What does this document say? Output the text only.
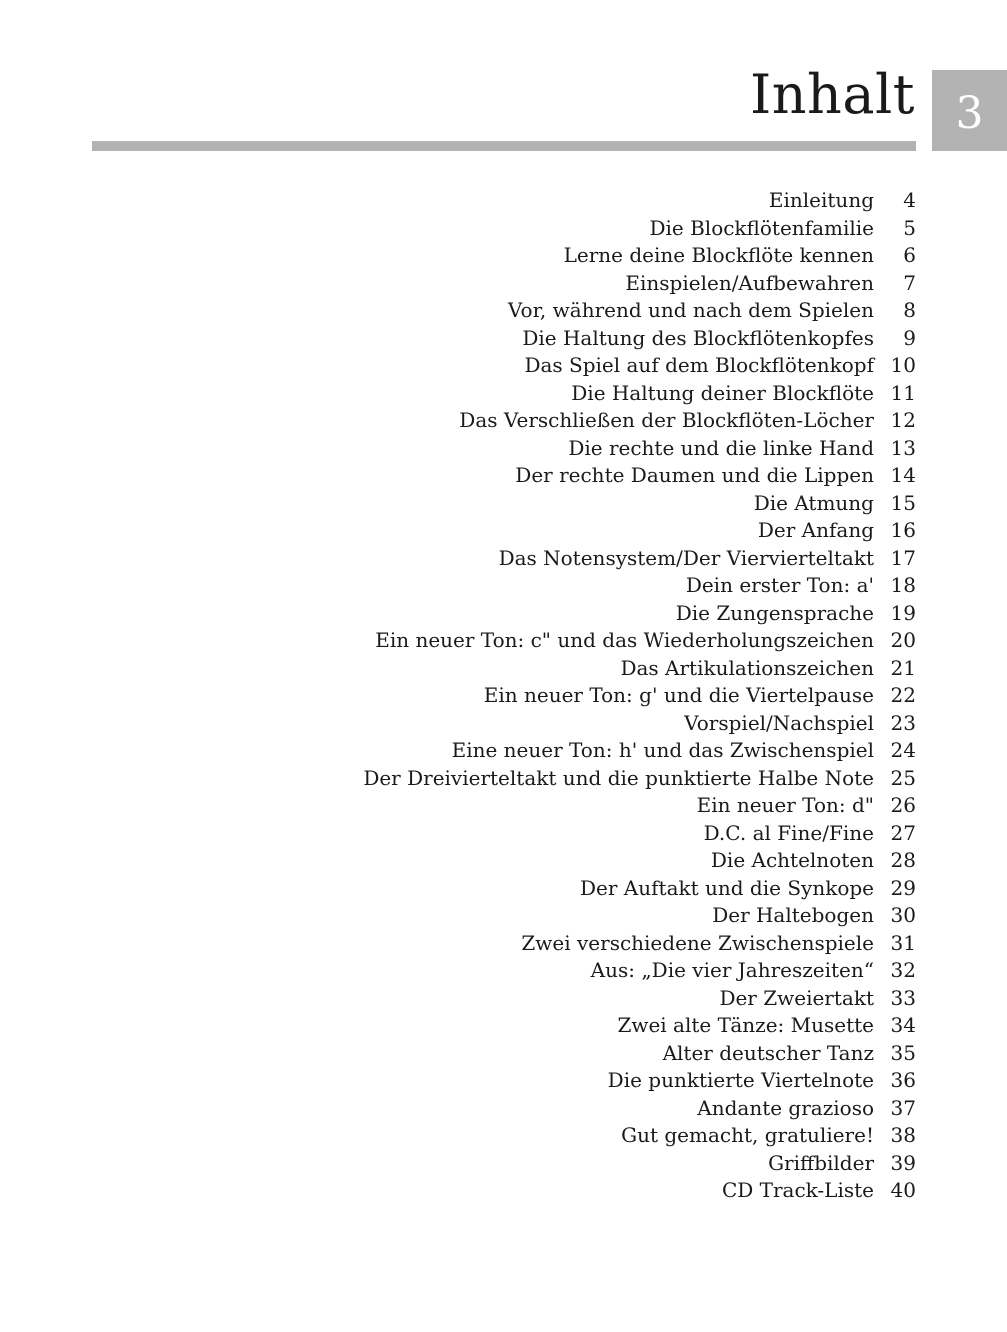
Inhalt 3
Einleitung	4
Die Blockflötenfamilie	5
Lerne deine Blockflöte kennen	6
Einspielen/Aufbewahren	7
Vor, während und nach dem Spielen	8
Die Haltung des Blockflötenkopfes	9
Das Spiel auf dem Blockflötenkopf 10
Die Haltung deiner Blockflöte 11
Das Verschließen der Blockflöten-Löcher 12
Die rechte und die linke Hand 13
Der rechte Daumen und die Lippen 14
Die Atmung 15
Der Anfang 16
Das Notensystem/Der Viervierteltakt 17
Dein erster Ton: a' 18
Die Zungensprache 19
Ein neuer Ton: c" und das Wiederholungszeichen 20
Das Artikulationszeichen 21
Ein neuer Ton: g' und die Viertelpause 22
Vorspiel/Nachspiel 23
Eine neuer Ton: h' und das Zwischenspiel 24
Der Dreivierteltakt und die punktierte Halbe Note 25
Ein neuer Ton: d" 26
D.C. al Fine/Fine 27
Die Achtelnoten 28
Der Auftakt und die Synkope 29
Der Haltebogen 30
Zwei verschiedene Zwischenspiele 31
Aus: „Die vier Jahreszeiten“ 32
Der Zweiertakt 33
Zwei alte Tänze: Musette 34
Alter deutscher Tanz 35
Die punktierte Viertelnote 36
Andante grazioso 37
Gut gemacht, gratuliere! 38
Griffbilder 39
CD Track-Liste 40
